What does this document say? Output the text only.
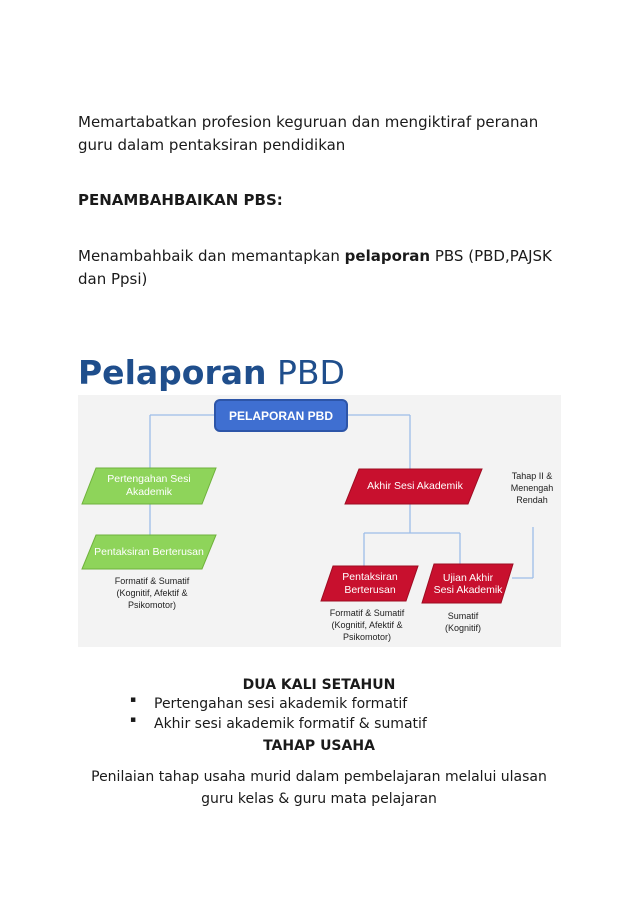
Memartabatkan profesion keguruan dan mengiktiraf peranan guru dalam pentaksiran pendidikan

PENAMBAHBAIKAN PBS:

Menambahbaik dan memantapkan pelaporan PBS (PBD,PAJSK dan Ppsi)

Pelaporan PBD
PELAPORAN PBD
Pertengahan Sesi Akademik
Pentaksiran Berterusan
Formatif & Sumatif (Kognitif, Afektif & Psikomotor)
Akhir Sesi Akademik
Tahap II & Menengah Rendah
Pentaksiran Berterusan
Formatif & Sumatif (Kognitif, Afektif & Psikomotor)
Ujian Akhir Sesi Akademik
Sumatif (Kognitif)

DUA KALI SETAHUN

▪ Pertengahan sesi akademik formatif
▪ Akhir sesi akademik formatif & sumatif

TAHAP USAHA

Penilaian tahap usaha murid dalam pembelajaran melalui ulasan guru kelas & guru mata pelajaran
